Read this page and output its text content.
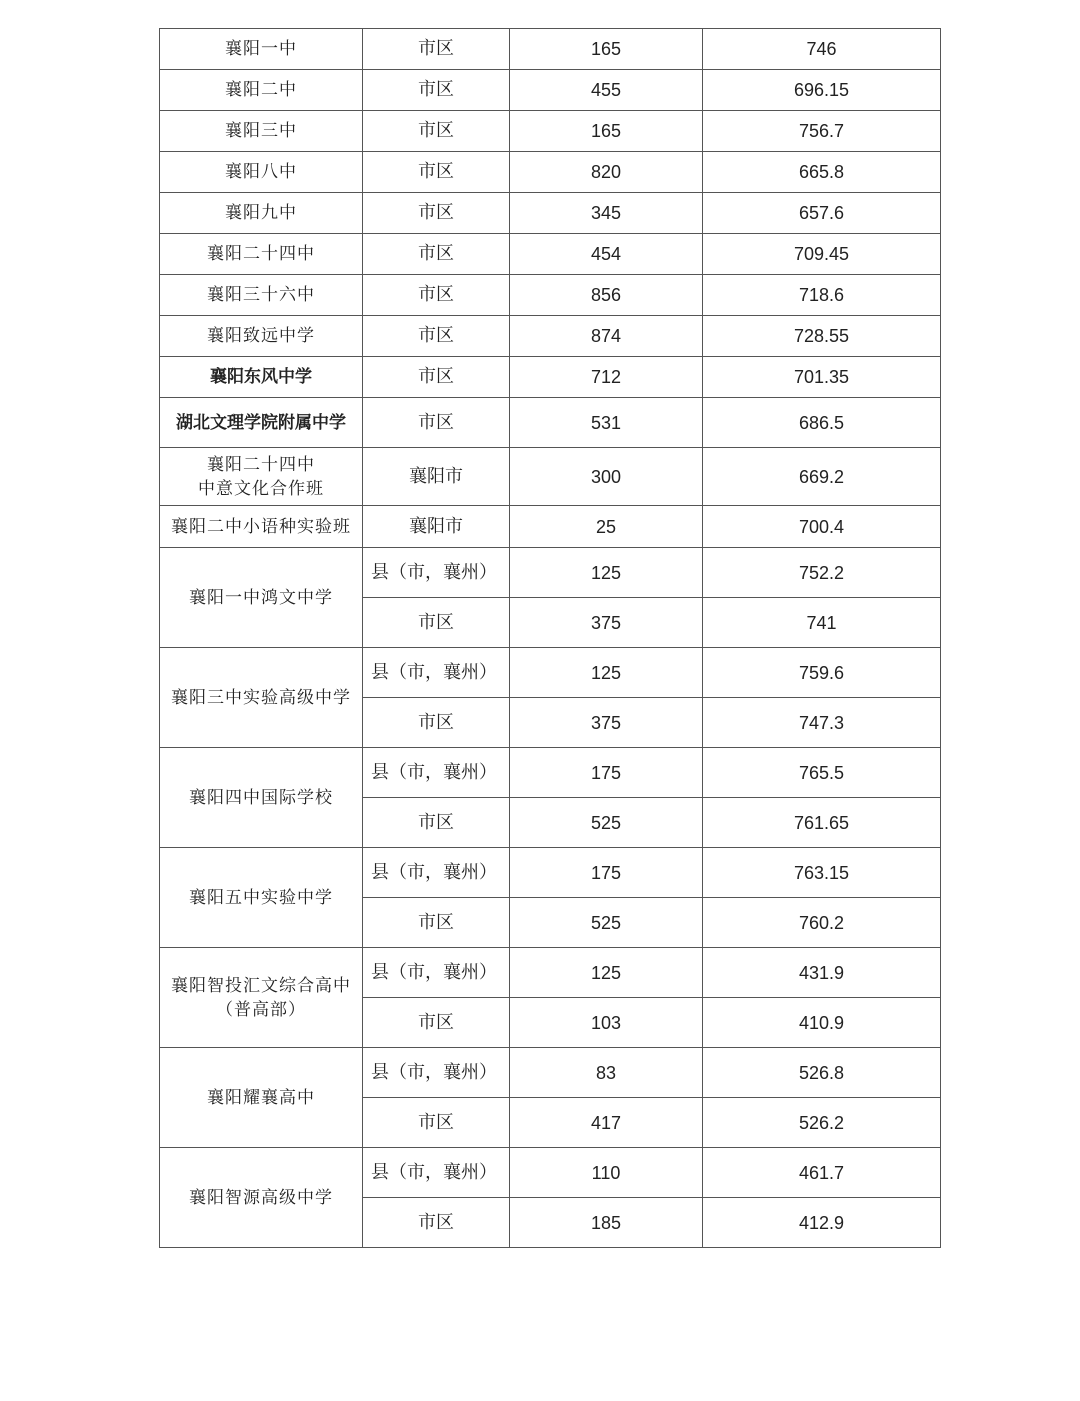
襄阳一中	市区	165	746
襄阳二中	市区	455	696.15
襄阳三中	市区	165	756.7
襄阳八中	市区	820	665.8
襄阳九中	市区	345	657.6
襄阳二十四中	市区	454	709.45
襄阳三十六中	市区	856	718.6
襄阳致远中学	市区	874	728.55
襄阳东风中学	市区	712	701.35
湖北文理学院附属中学	市区	531	686.5

襄阳二十四中
中意文化合作班	襄阳市	300	669.2
襄阳二中小语种实验班	襄阳市	25	700.4
襄阳一中鸿文中学	县（市，襄州）	125	752.2
	市区	375	741
襄阳三中实验高级中学	县（市，襄州）	125	759.6
	市区	375	747.3
襄阳四中国际学校	县（市，襄州）	175	765.5
	市区	525	761.65
襄阳五中实验中学	县（市，襄州）	175	763.15
	市区	525	760.2

襄阳智投汇文综合高中
（普高部）	县（市，襄州）	125	431.9
	市区	103	410.9
襄阳耀襄高中	县（市，襄州）	83	526.8
	市区	417	526.2
襄阳智源高级中学	县（市，襄州）	110	461.7
	市区	185	412.9
